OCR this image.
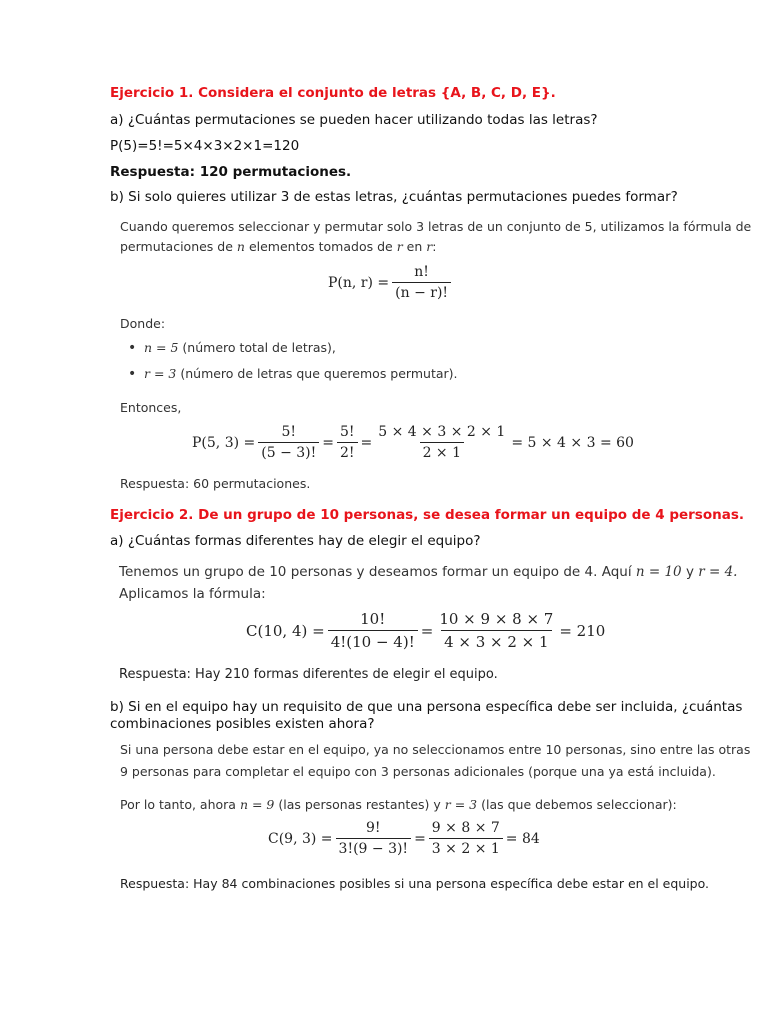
Ejercicio 1. Considera el conjunto de letras {A, B, C, D, E}.
a) ¿Cuántas permutaciones se pueden hacer utilizando todas las letras?
P(5)=5!=5×4×3×2×1=120
Respuesta: 120 permutaciones.
b) Si solo quieres utilizar 3 de estas letras, ¿cuántas permutaciones puedes formar?
Cuando queremos seleccionar y permutar solo 3 letras de un conjunto de 5, utilizamos la fórmula de
permutaciones de
n
elementos tomados de
r
en
r :
P(n, $r) = \frac{n!}{(n - r)!}$
Donde:
• n = 5 (número total de letras),
• r = 3 (número de letras que queremos permutar).
Entonces,
P(5, $3) = \frac{5!}{(5 - 3)!} = \frac{5!}{2!} = \frac{5 \times 4 \times 3 \times 2 \times 1}{2 \times 1} = 5 \times 4 \times 3 = 60$
Respuesta: 60 permutaciones.
Ejercicio 2. De un grupo de 10 personas, se desea formar un equipo de 4 personas.
a) ¿Cuántas formas diferentes hay de elegir el equipo?
Tenemos un grupo de 10 personas y deseamos formar un equipo de 4. Aquí
n = 10
y
r = 4.
Aplicamos la fórmula:
C(10, $4) = \frac{10!}{4!(10 - 4)!} = \frac{10 \times 9 \times 8 \times 7}{4 \times 3 \times 2 \times 1} = 210$
Respuesta: Hay 210 formas diferentes de elegir el equipo.
b) Si en el equipo hay un requisito de que una persona específica debe ser incluida, ¿cuántas
combinaciones posibles existen ahora?
Si una persona debe estar en el equipo, ya no seleccionamos entre 10 personas, sino entre las otras
9 personas para completar el equipo con 3 personas adicionales (porque una ya está incluida).
Por lo tanto, ahora
n = 9
(las personas restantes) y
r = 3
(las que debemos seleccionar):
C(9, $3) = \frac{9!}{3!(9 - 3)!} = \frac{9 \times 8 \times 7}{3 \times 2 \times 1} = 84$
Respuesta: Hay 84 combinaciones posibles si una persona específica debe estar en el equipo.
